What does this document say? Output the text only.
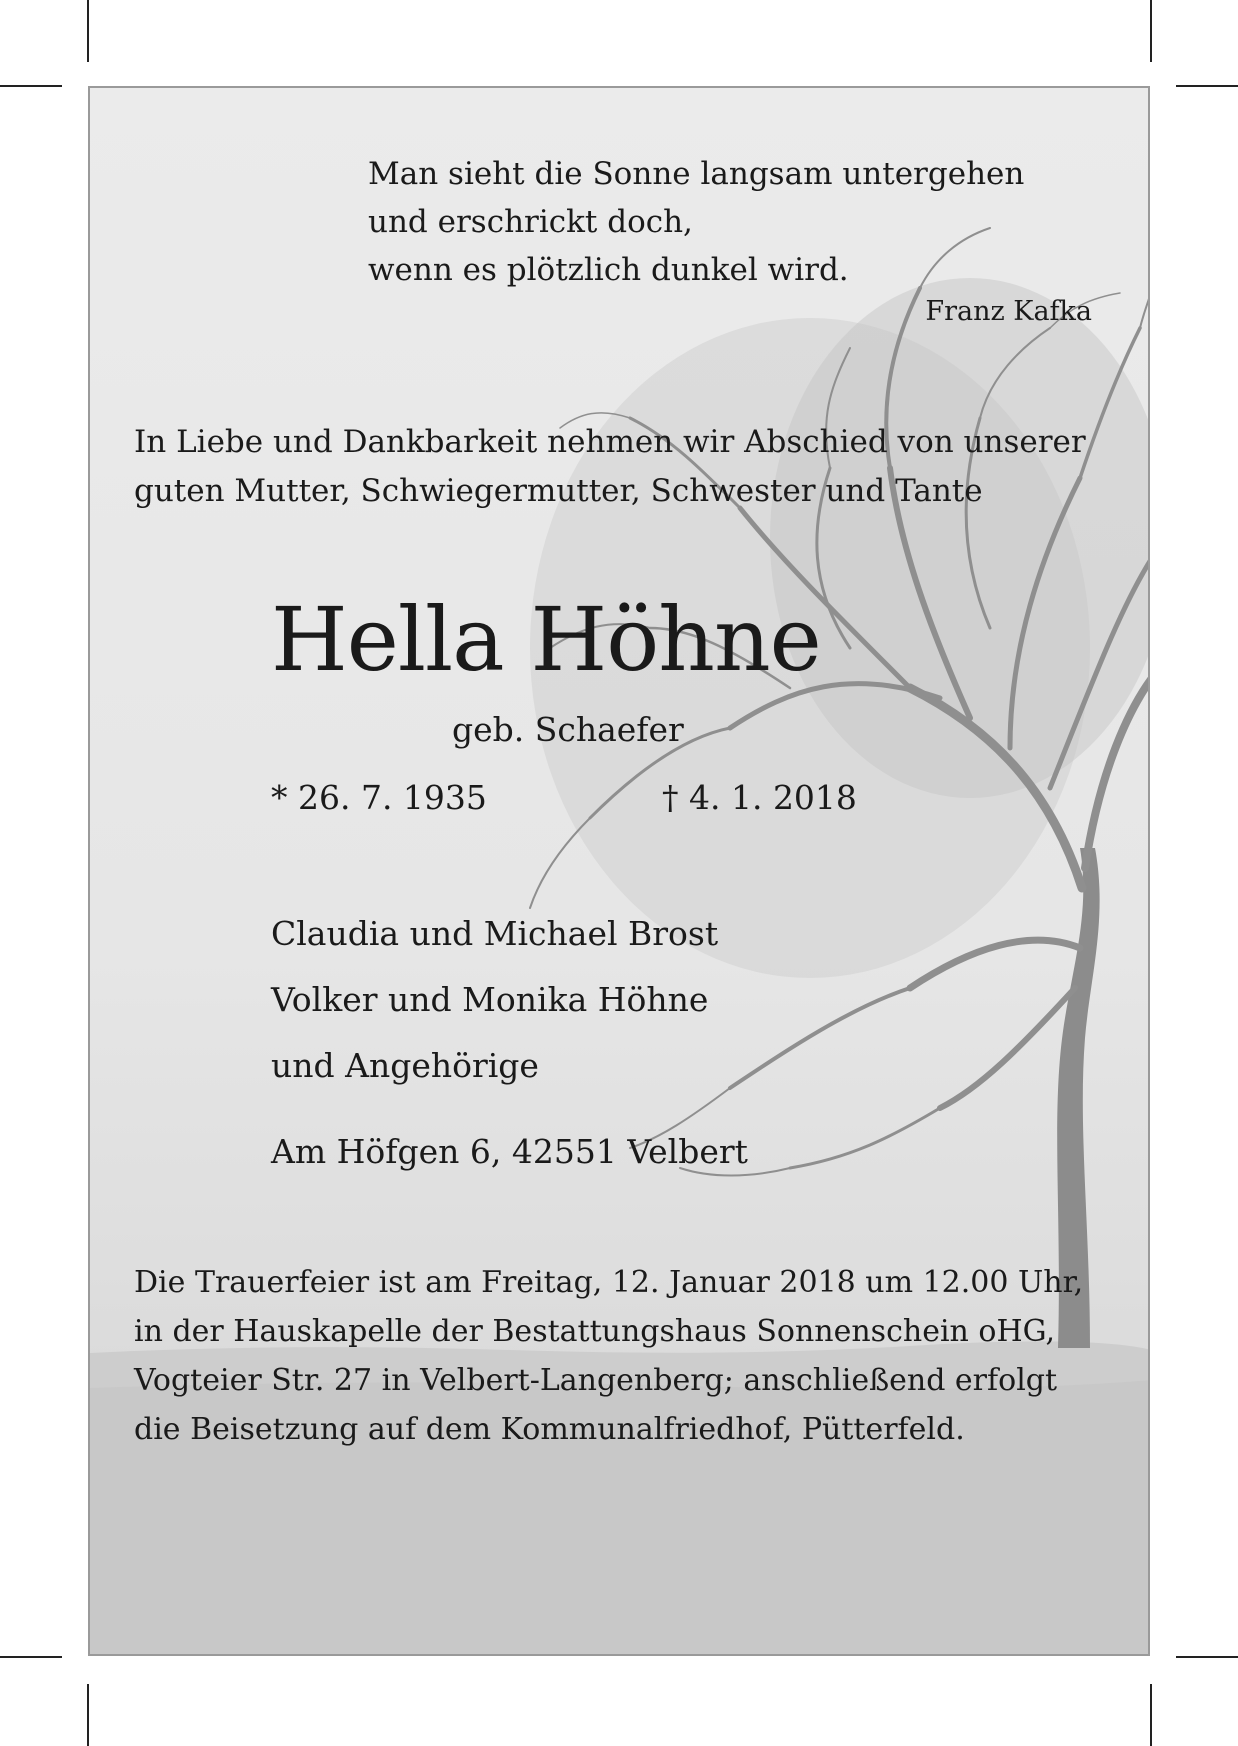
Man sieht die Sonne langsam untergehen
und erschrickt doch,
wenn es plötzlich dunkel wird.
Franz Kafka
In Liebe und Dankbarkeit nehmen wir Abschied von unserer
guten Mutter, Schwiegermutter, Schwester und Tante
Hella Höhne
geb. Schaefer
* 26. 7. 1935	† 4. 1. 2018
Claudia und Michael Brost
Volker und Monika Höhne
und Angehörige
Am Höfgen 6, 42551 Velbert
Die Trauerfeier ist am Freitag, 12. Januar 2018 um 12.00 Uhr,
in der Hauskapelle der Bestattungshaus Sonnenschein oHG,
Vogteier Str. 27 in Velbert-Langenberg; anschließend erfolgt
die Beisetzung auf dem Kommunalfriedhof, Pütterfeld.
